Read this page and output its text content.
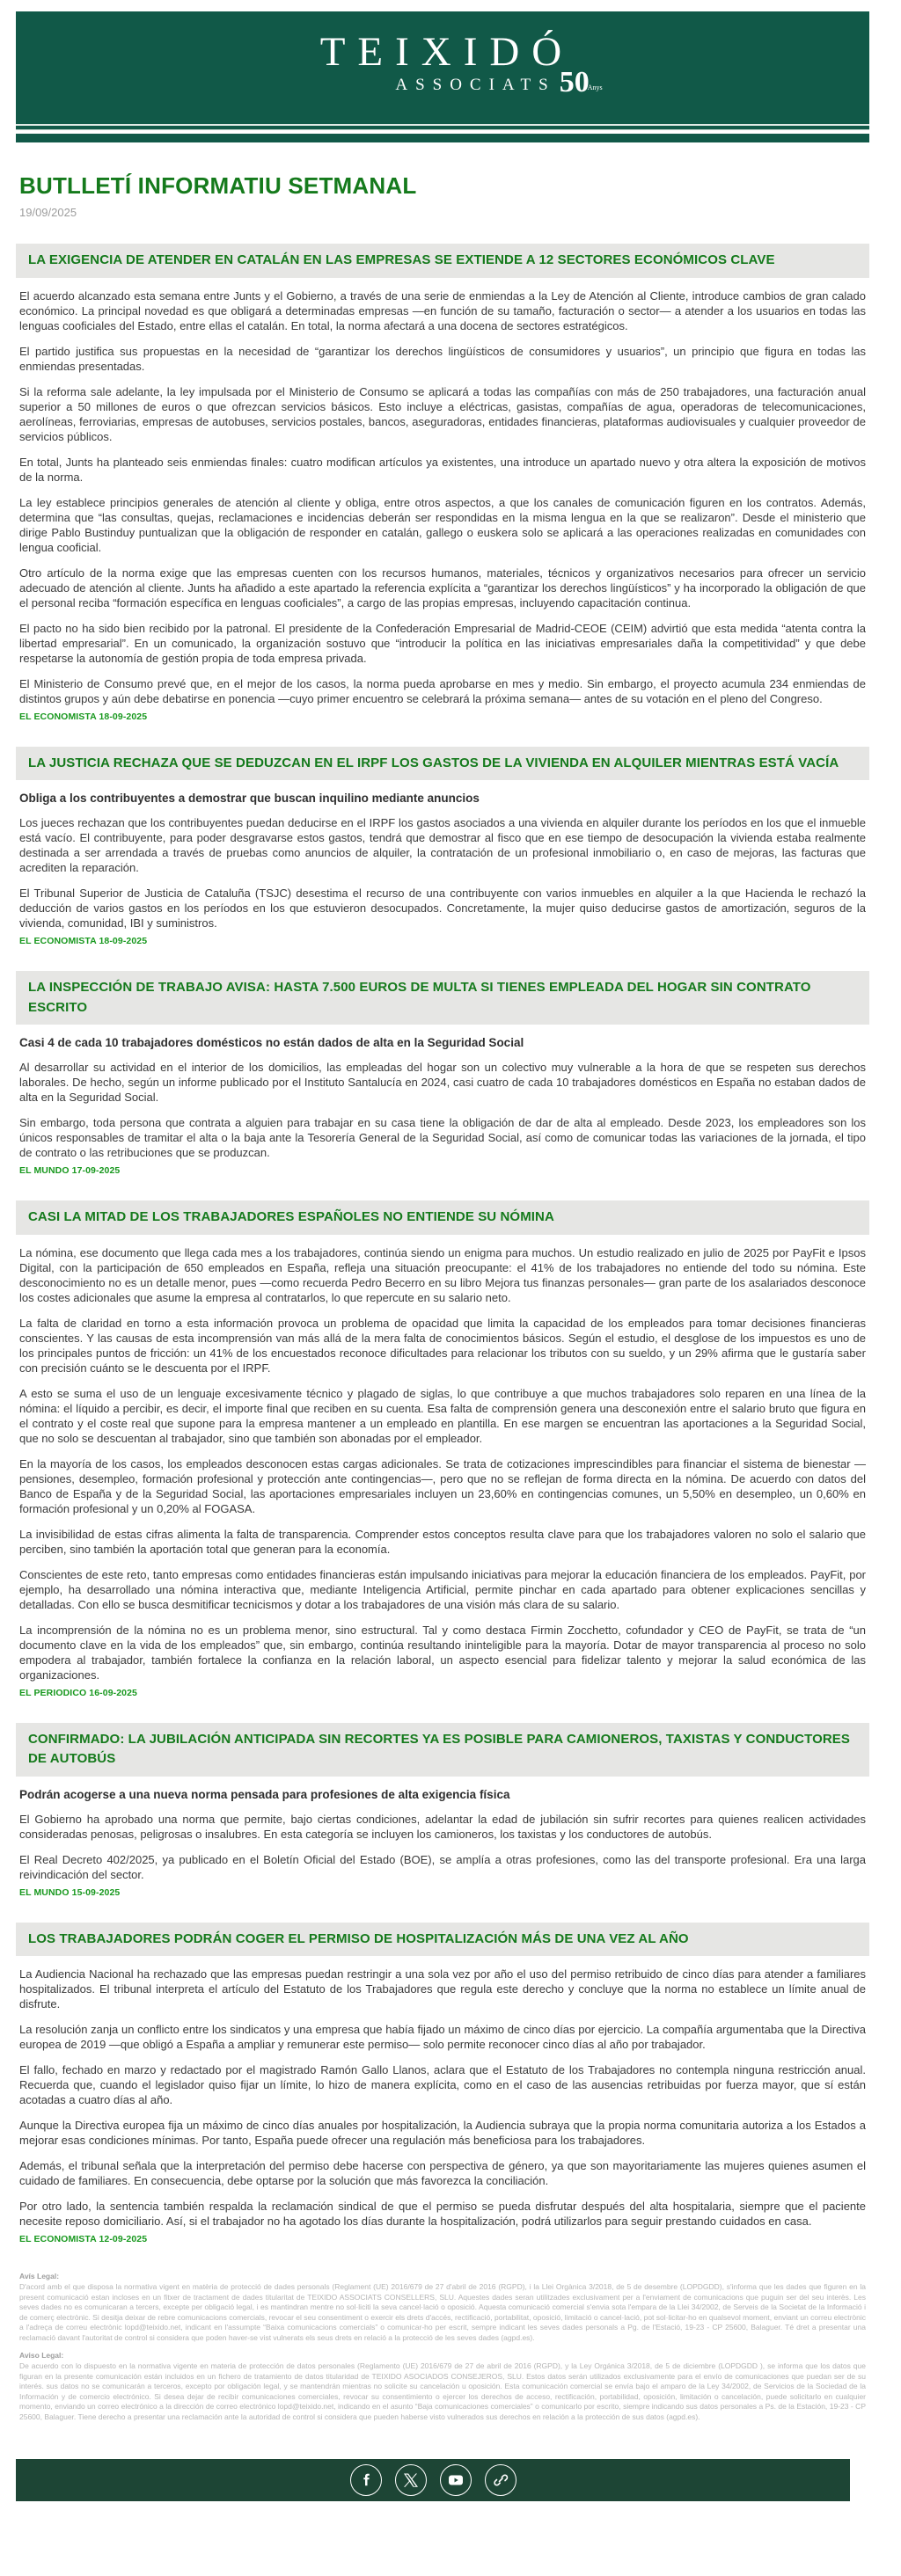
TEIXIDÓ
ASSOCIATS 50Anys
BUTLLETÍ INFORMATIU SETMANAL
19/09/2025
LA EXIGENCIA DE ATENDER EN CATALÁN EN LAS EMPRESAS SE EXTIENDE A 12 SECTORES ECONÓMICOS CLAVE

El acuerdo alcanzado esta semana entre Junts y el Gobierno, a través de una serie de enmiendas a la Ley de Atención al Cliente, introduce cambios de gran calado económico. La principal novedad es que obligará a determinadas empresas —en función de su tamaño, facturación o sector— a atender a los usuarios en todas las lenguas cooficiales del Estado, entre ellas el catalán. En total, la norma afectará a una docena de sectores estratégicos.

El partido justifica sus propuestas en la necesidad de “garantizar los derechos lingüísticos de consumidores y usuarios”, un principio que figura en todas las enmiendas presentadas.

Si la reforma sale adelante, la ley impulsada por el Ministerio de Consumo se aplicará a todas las compañías con más de 250 trabajadores, una facturación anual superior a 50 millones de euros o que ofrezcan servicios básicos. Esto incluye a eléctricas, gasistas, compañías de agua, operadoras de telecomunicaciones, aerolíneas, ferroviarias, empresas de autobuses, servicios postales, bancos, aseguradoras, entidades financieras, plataformas audiovisuales y cualquier proveedor de servicios públicos.

En total, Junts ha planteado seis enmiendas finales: cuatro modifican artículos ya existentes, una introduce un apartado nuevo y otra altera la exposición de motivos de la norma.

La ley establece principios generales de atención al cliente y obliga, entre otros aspectos, a que los canales de comunicación figuren en los contratos. Además, determina que “las consultas, quejas, reclamaciones e incidencias deberán ser respondidas en la misma lengua en la que se realizaron”. Desde el ministerio que dirige Pablo Bustinduy puntualizan que la obligación de responder en catalán, gallego o euskera solo se aplicará a las operaciones realizadas en comunidades con lengua cooficial.

Otro artículo de la norma exige que las empresas cuenten con los recursos humanos, materiales, técnicos y organizativos necesarios para ofrecer un servicio adecuado de atención al cliente. Junts ha añadido a este apartado la referencia explícita a “garantizar los derechos lingüísticos” y ha incorporado la obligación de que el personal reciba “formación específica en lenguas cooficiales”, a cargo de las propias empresas, incluyendo capacitación continua.

El pacto no ha sido bien recibido por la patronal. El presidente de la Confederación Empresarial de Madrid-CEOE (CEIM) advirtió que esta medida “atenta contra la libertad empresarial”. En un comunicado, la organización sostuvo que “introducir la política en las iniciativas empresariales daña la competitividad” y que debe respetarse la autonomía de gestión propia de toda empresa privada.

El Ministerio de Consumo prevé que, en el mejor de los casos, la norma pueda aprobarse en mes y medio. Sin embargo, el proyecto acumula 234 enmiendas de distintos grupos y aún debe debatirse en ponencia —cuyo primer encuentro se celebrará la próxima semana— antes de su votación en el pleno del Congreso.

EL ECONOMISTA 18-09-2025
LA JUSTICIA RECHAZA QUE SE DEDUZCAN EN EL IRPF LOS GASTOS DE LA VIVIENDA EN ALQUILER MIENTRAS ESTÁ VACÍA
Obliga a los contribuyentes a demostrar que buscan inquilino mediante anuncios

Los jueces rechazan que los contribuyentes puedan deducirse en el IRPF los gastos asociados a una vivienda en alquiler durante los períodos en los que el inmueble está vacío. El contribuyente, para poder desgravarse estos gastos, tendrá que demostrar al fisco que en ese tiempo de desocupación la vivienda estaba realmente destinada a ser arrendada a través de pruebas como anuncios de alquiler, la contratación de un profesional inmobiliario o, en caso de mejoras, las facturas que acrediten la reparación.

El Tribunal Superior de Justicia de Cataluña (TSJC) desestima el recurso de una contribuyente con varios inmuebles en alquiler a la que Hacienda le rechazó la deducción de varios gastos en los períodos en los que estuvieron desocupados. Concretamente, la mujer quiso deducirse gastos de amortización, seguros de la vivienda, comunidad, IBI y suministros.

EL ECONOMISTA 18-09-2025
LA INSPECCIÓN DE TRABAJO AVISA: HASTA 7.500 EUROS DE MULTA SI TIENES EMPLEADA DEL HOGAR SIN CONTRATO ESCRITO
Casi 4 de cada 10 trabajadores domésticos no están dados de alta en la Seguridad Social

Al desarrollar su actividad en el interior de los domicilios, las empleadas del hogar son un colectivo muy vulnerable a la hora de que se respeten sus derechos laborales. De hecho, según un informe publicado por el Instituto Santalucía en 2024, casi cuatro de cada 10 trabajadores domésticos en España no estaban dados de alta en la Seguridad Social.

Sin embargo, toda persona que contrata a alguien para trabajar en su casa tiene la obligación de dar de alta al empleado. Desde 2023, los empleadores son los únicos responsables de tramitar el alta o la baja ante la Tesorería General de la Seguridad Social, así como de comunicar todas las variaciones de la jornada, el tipo de contrato o las retribuciones que se produzcan.

EL MUNDO 17-09-2025
CASI LA MITAD DE LOS TRABAJADORES ESPAÑOLES NO ENTIENDE SU NÓMINA

La nómina, ese documento que llega cada mes a los trabajadores, continúa siendo un enigma para muchos. Un estudio realizado en julio de 2025 por PayFit e Ipsos Digital, con la participación de 650 empleados en España, refleja una situación preocupante: el 41% de los trabajadores no entiende del todo su nómina. Este desconocimiento no es un detalle menor, pues —como recuerda Pedro Becerro en su libro Mejora tus finanzas personales— gran parte de los asalariados desconoce los costes adicionales que asume la empresa al contratarlos, lo que repercute en su salario neto.

La falta de claridad en torno a esta información provoca un problema de opacidad que limita la capacidad de los empleados para tomar decisiones financieras conscientes. Y las causas de esta incomprensión van más allá de la mera falta de conocimientos básicos. Según el estudio, el desglose de los impuestos es uno de los principales puntos de fricción: un 41% de los encuestados reconoce dificultades para relacionar los tributos con su sueldo, y un 29% afirma que le gustaría saber con precisión cuánto se le descuenta por el IRPF.

A esto se suma el uso de un lenguaje excesivamente técnico y plagado de siglas, lo que contribuye a que muchos trabajadores solo reparen en una línea de la nómina: el líquido a percibir, es decir, el importe final que reciben en su cuenta. Esa falta de comprensión genera una desconexión entre el salario bruto que figura en el contrato y el coste real que supone para la empresa mantener a un empleado en plantilla. En ese margen se encuentran las aportaciones a la Seguridad Social, que no solo se descuentan al trabajador, sino que también son abonadas por el empleador.

En la mayoría de los casos, los empleados desconocen estas cargas adicionales. Se trata de cotizaciones imprescindibles para financiar el sistema de bienestar —pensiones, desempleo, formación profesional y protección ante contingencias—, pero que no se reflejan de forma directa en la nómina. De acuerdo con datos del Banco de España y de la Seguridad Social, las aportaciones empresariales incluyen un 23,60% en contingencias comunes, un 5,50% en desempleo, un 0,60% en formación profesional y un 0,20% al FOGASA.

La invisibilidad de estas cifras alimenta la falta de transparencia. Comprender estos conceptos resulta clave para que los trabajadores valoren no solo el salario que perciben, sino también la aportación total que generan para la economía.

Conscientes de este reto, tanto empresas como entidades financieras están impulsando iniciativas para mejorar la educación financiera de los empleados. PayFit, por ejemplo, ha desarrollado una nómina interactiva que, mediante Inteligencia Artificial, permite pinchar en cada apartado para obtener explicaciones sencillas y detalladas. Con ello se busca desmitificar tecnicismos y dotar a los trabajadores de una visión más clara de su salario.

La incomprensión de la nómina no es un problema menor, sino estructural. Tal y como destaca Firmin Zocchetto, cofundador y CEO de PayFit, se trata de “un documento clave en la vida de los empleados” que, sin embargo, continúa resultando ininteligible para la mayoría. Dotar de mayor transparencia al proceso no solo empodera al trabajador, también fortalece la confianza en la relación laboral, un aspecto esencial para fidelizar talento y mejorar la salud económica de las organizaciones.

EL PERIODICO 16-09-2025
CONFIRMADO: LA JUBILACIÓN ANTICIPADA SIN RECORTES YA ES POSIBLE PARA CAMIONEROS, TAXISTAS Y CONDUCTORES DE AUTOBÚS
Podrán acogerse a una nueva norma pensada para profesiones de alta exigencia física

El Gobierno ha aprobado una norma que permite, bajo ciertas condiciones, adelantar la edad de jubilación sin sufrir recortes para quienes realicen actividades consideradas penosas, peligrosas o insalubres. En esta categoría se incluyen los camioneros, los taxistas y los conductores de autobús.

El Real Decreto 402/2025, ya publicado en el Boletín Oficial del Estado (BOE), se amplía a otras profesiones, como las del transporte profesional. Era una larga reivindicación del sector.

EL MUNDO 15-09-2025
LOS TRABAJADORES PODRÁN COGER EL PERMISO DE HOSPITALIZACIÓN MÁS DE UNA VEZ AL AÑO

La Audiencia Nacional ha rechazado que las empresas puedan restringir a una sola vez por año el uso del permiso retribuido de cinco días para atender a familiares hospitalizados. El tribunal interpreta el artículo del Estatuto de los Trabajadores que regula este derecho y concluye que la norma no establece un límite anual de disfrute.

La resolución zanja un conflicto entre los sindicatos y una empresa que había fijado un máximo de cinco días por ejercicio. La compañía argumentaba que la Directiva europea de 2019 —que obligó a España a ampliar y remunerar este permiso— solo permite reconocer cinco días al año por trabajador.

El fallo, fechado en marzo y redactado por el magistrado Ramón Gallo Llanos, aclara que el Estatuto de los Trabajadores no contempla ninguna restricción anual. Recuerda que, cuando el legislador quiso fijar un límite, lo hizo de manera explícita, como en el caso de las ausencias retribuidas por fuerza mayor, que sí están acotadas a cuatro días al año.

Aunque la Directiva europea fija un máximo de cinco días anuales por hospitalización, la Audiencia subraya que la propia norma comunitaria autoriza a los Estados a mejorar esas condiciones mínimas. Por tanto, España puede ofrecer una regulación más beneficiosa para los trabajadores.

Además, el tribunal señala que la interpretación del permiso debe hacerse con perspectiva de género, ya que son mayoritariamente las mujeres quienes asumen el cuidado de familiares. En consecuencia, debe optarse por la solución que más favorezca la conciliación.

Por otro lado, la sentencia también respalda la reclamación sindical de que el permiso se pueda disfrutar después del alta hospitalaria, siempre que el paciente necesite reposo domiciliario. Así, si el trabajador no ha agotado los días durante la hospitalización, podrá utilizarlos para seguir prestando cuidados en casa.

EL ECONOMISTA 12-09-2025
Avís Legal:
D'acord amb el que disposa la normativa vigent en matèria de protecció de dades personals (Reglament (UE) 2016/679 de 27 d'abril de 2016 (RGPD), i la Llei Orgànica 3/2018, de 5 de desembre (LOPDGDD), s'informa que les dades que figuren en la present comunicació estan incloses en un fitxer de tractament de dades titularitat de TEIXIDO ASSOCIATS CONSELLERS, SLU. Aquestes dades seran utilitzades exclusivament per a l'enviament de comunicacions que puguin ser del seu interès. Les seves dades no es comunicaran a tercers, excepte per obligació legal, i es mantindran mentre no sol·liciti la seva cancel·lació o oposició. Aquesta comunicació comercial s'envia sota l'empara de la Llei 34/2002, de Serveis de la Societat de la Informació i de comerç electrònic. Si desitja deixar de rebre comunicacions comercials, revocar el seu consentiment o exercir els drets d'accés, rectificació, portabilitat, oposició, limitació o cancel·lació, pot sol·licitar-ho en qualsevol moment, enviant un correu electrònic a l'adreça de correu electrònic lopd@teixido.net, indicant en l'assumpte “Baixa comunicacions comercials” o comunicar-ho per escrit, sempre indicant les seves dades personals a Pg. de l'Estació, 19-23 - CP 25600, Balaguer. Té dret a presentar una reclamació davant l'autoritat de control si considera que poden haver-se vist vulnerats els seus drets en relació a la protecció de les seves dades (agpd.es).
Aviso Legal:
De acuerdo con lo dispuesto en la normativa vigente en materia de protección de datos personales (Reglamento (UE) 2016/679 de 27 de abril de 2016 (RGPD), y la Ley Orgánica 3/2018, de 5 de diciembre (LOPDGDD ), se informa que los datos que figuran en la presente comunicación están incluidos en un fichero de tratamiento de datos titularidad de TEIXIDO ASOCIADOS CONSEJEROS, SLU. Estos datos serán utilizados exclusivamente para el envío de comunicaciones que puedan ser de su interés. sus datos no se comunicarán a terceros, excepto por obligación legal, y se mantendrán mientras no solicite su cancelación u oposición. Esta comunicación comercial se envía bajo el amparo de la Ley 34/2002, de Servicios de la Sociedad de la Información y de comercio electrónico. Si desea dejar de recibir comunicaciones comerciales, revocar su consentimiento o ejercer los derechos de acceso, rectificación, portabilidad, oposición, limitación o cancelación, puede solicitarlo en cualquier momento, enviando un correo electrónico a la dirección de correo electrónico lopd@teixido.net, indicando en el asunto “Baja comunicaciones comerciales” o comunicarlo por escrito, siempre indicando sus datos personales a Ps. de la Estación, 19-23 - CP 25600, Balaguer. Tiene derecho a presentar una reclamación ante la autoridad de control si considera que pueden haberse visto vulnerados sus derechos en relación a la protección de sus datos (agpd.es).
